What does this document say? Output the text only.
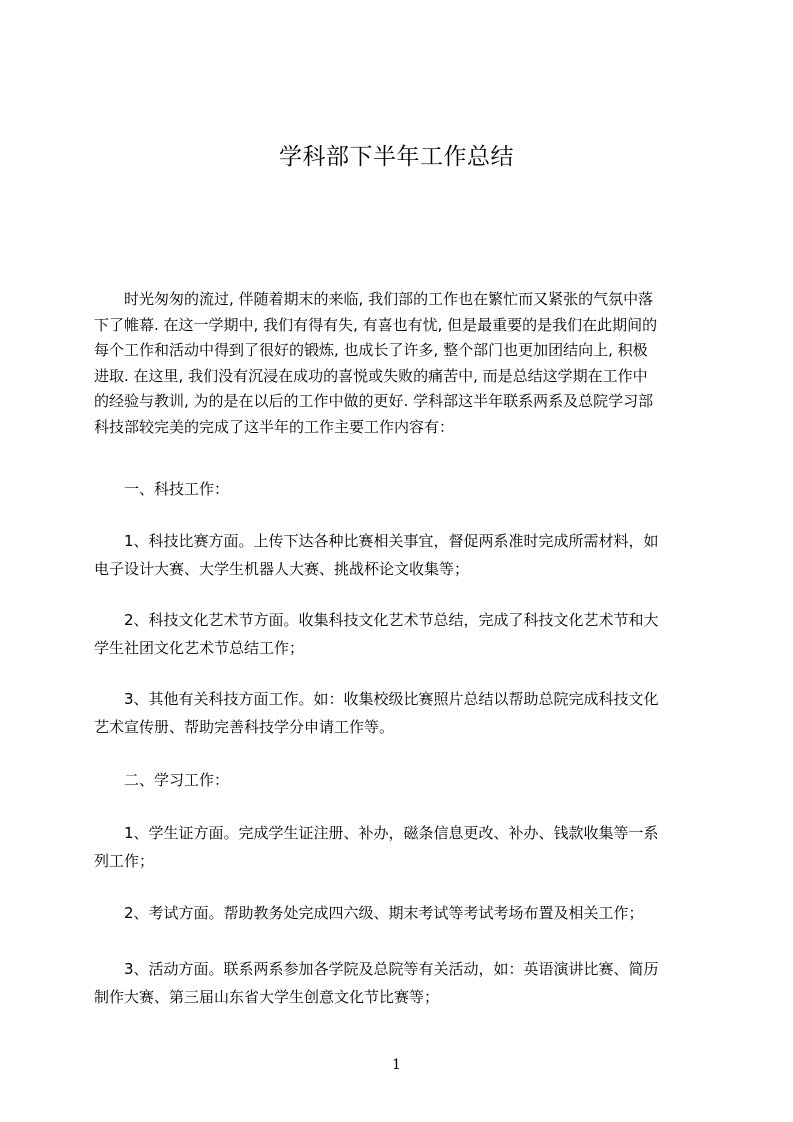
学科部下半年工作总结
　　时光匆匆的流过, 伴随着期末的来临, 我们部的工作也在繁忙而又紧张的气氛中落
下了帷幕. 在这一学期中, 我们有得有失, 有喜也有忧, 但是最重要的是我们在此期间的
每个工作和活动中得到了很好的锻炼, 也成长了许多, 整个部门也更加团结向上, 积极
进取. 在这里, 我们没有沉浸在成功的喜悦或失败的痛苦中, 而是总结这学期在工作中
的经验与教训, 为的是在以后的工作中做的更好. 学科部这半年联系两系及总院学习部
科技部较完美的完成了这半年的工作主要工作内容有：
　　一、科技工作：
　　1、科技比赛方面。上传下达各种比赛相关事宜，督促两系准时完成所需材料，如
电子设计大赛、大学生机器人大赛、挑战杯论文收集等；
　　2、科技文化艺术节方面。收集科技文化艺术节总结，完成了科技文化艺术节和大
学生社团文化艺术节总结工作；
　　3、其他有关科技方面工作。如：收集校级比赛照片总结以帮助总院完成科技文化
艺术宣传册、帮助完善科技学分申请工作等。
　　二、学习工作：
　　1、学生证方面。完成学生证注册、补办，磁条信息更改、补办、钱款收集等一系
列工作；
　　2、考试方面。帮助教务处完成四六级、期末考试等考试考场布置及相关工作；
　　3、活动方面。联系两系参加各学院及总院等有关活动，如：英语演讲比赛、简历
制作大赛、第三届山东省大学生创意文化节比赛等；
1
